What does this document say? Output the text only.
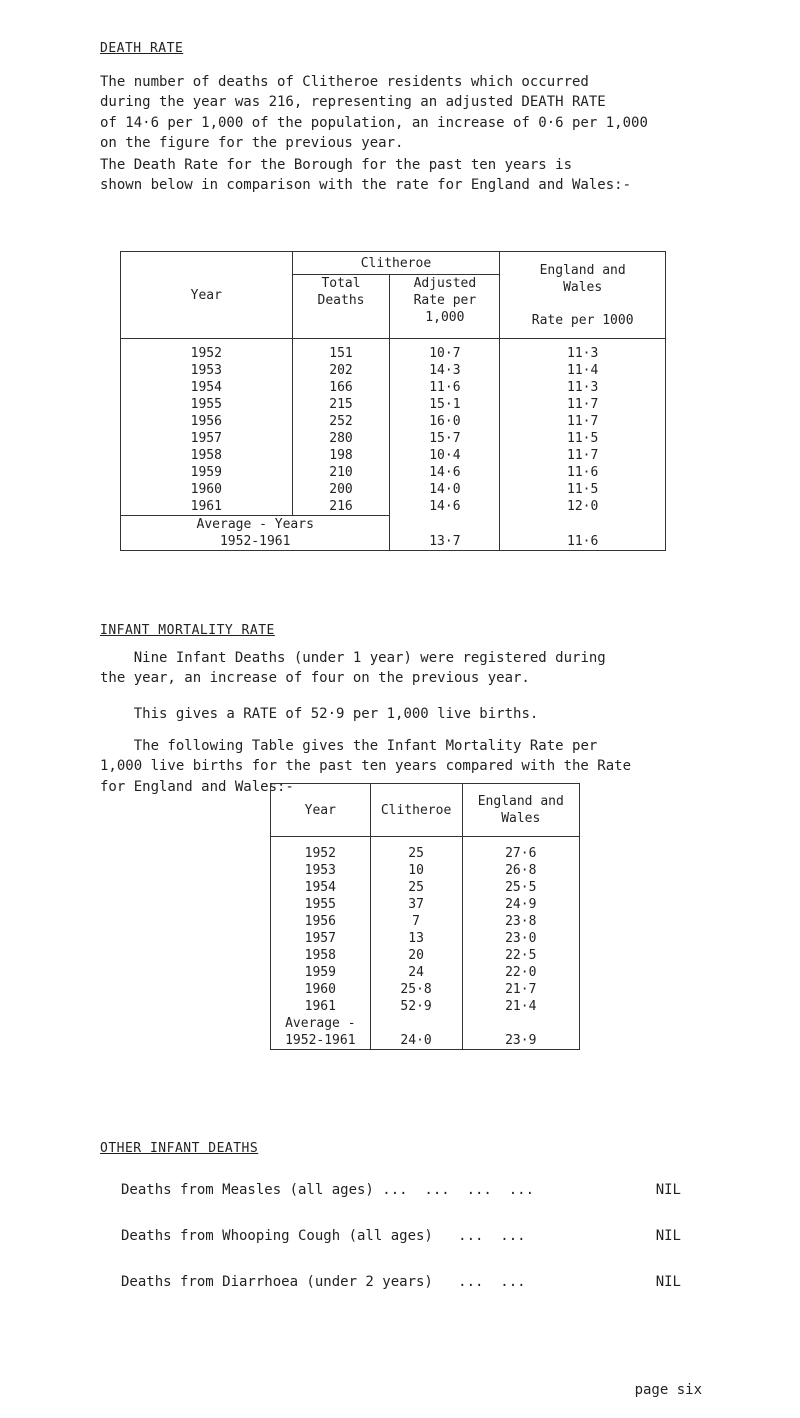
DEATH RATE

The number of deaths of Clitheroe residents which occurred
during the year was 216, representing an adjusted DEATH RATE
of 14·6 per 1,000 of the population, an increase of 0·6 per 1,000
on the figure for the previous year.

The Death Rate for the Borough for the past ten years is
shown below in comparison with the rate for England and Wales:-

Year	Clitheroe		England and
Wales
Rate per 1000

	Total
Deaths	Adjusted
Rate per
1,000	
1952	151	10·7	11·3
1953	202	14·3	11·4
1954	166	11·6	11·3
1955	215	15·1	11·7
1956	252	16·0	11·7
1957	280	15·7	11·5
1958	198	10·4	11·7
1959	210	14·6	11·6
1960	200	14·0	11·5
1961	216	14·6	12·0

Average - Years
1952-1961		13·7	11·6
INFANT MORTALITY RATE

Nine Infant Deaths (under 1 year) were registered during
the year, an increase of four on the previous year.

This gives a RATE of 52·9 per 1,000 live births.

The following Table gives the Infant Mortality Rate per
1,000 live births for the past ten years compared with the Rate
for England and Wales:-

Year	Clitheroe	England and
Wales
1952	25	27·6
1953	10	26·8
1954	25	25·5
1955	37	24·9
1956	7	23·8
1957	13	23·0
1958	20	22·5
1959	24	22·0
1960	25·8	21·7
1961	52·9	21·4

Average -
1952-1961	24·0	23·9
OTHER INFANT DEATHS
Deaths from Measles (all ages) ...  ...  ...  ...	NIL
Deaths from Whooping Cough (all ages)   ...  ...	NIL
Deaths from Diarrhoea (under 2 years)   ...  ...	NIL
page six
